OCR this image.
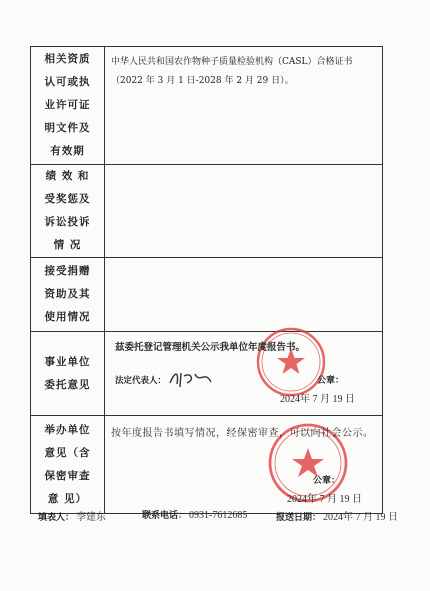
相关资质
认可或执
业许可证
明文件及
有效期	中华人民共和国农作物种子质量检验机构（CASL）合格证书
（2022 年 3 月 1 日-2028 年 2 月 29 日）。

绩 效 和
受奖惩及
诉讼投诉
情 况	

接受捐赠
资助及其
使用情况	

事业单位
委托意见	兹委托登记管理机关公示我单位年度报告书。
法定代表人： 公章：
2024年 7 月 19 日

举办单位
意见（含
保密审查
意 见）	按年度报告书填写情况，经保密审查，可以向社会公示。
公章：
2024年 7 月 19 日
填表人： 李建东	联系电话： 0931-7612685	报送日期： 2024年 7 月 19 日
